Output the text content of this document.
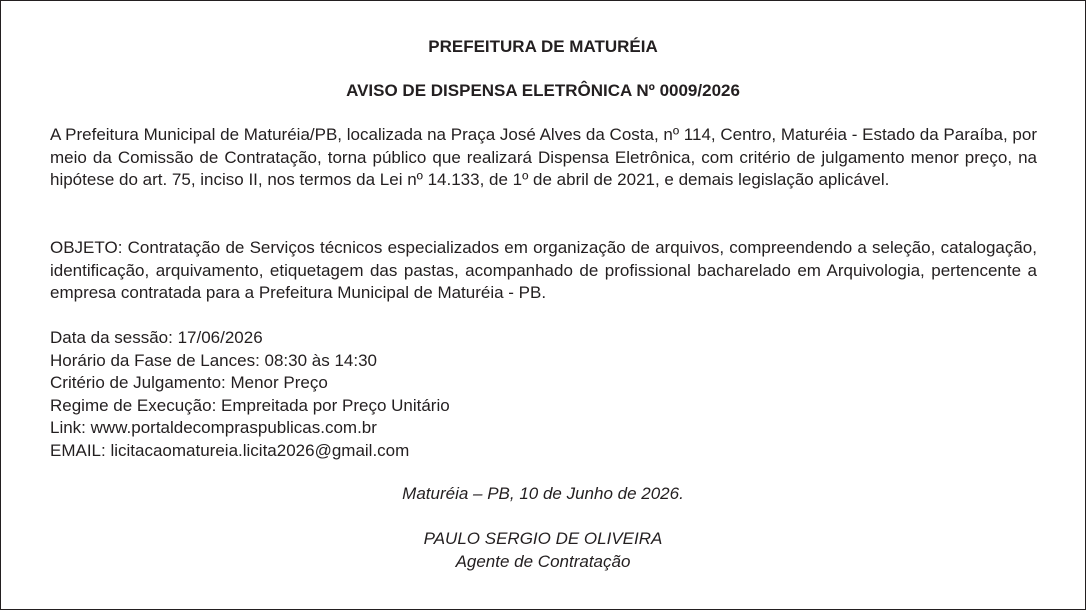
PREFEITURA DE MATURÉIA
AVISO DE DISPENSA ELETRÔNICA Nº 0009/2026

A Prefeitura Municipal de Maturéia/PB, localizada na Praça José Alves da Costa, nº 114, Centro, Maturéia - Estado da Paraíba, por meio da Comissão de Contratação, torna público que realizará Dispensa Eletrônica, com critério de julgamento menor preço, na hipótese do art. 75, inciso II, nos termos da Lei nº 14.133, de 1º de abril de 2021, e demais legislação aplicável.

OBJETO: Contratação de Serviços técnicos especializados em organização de arquivos, compreendendo a seleção, catalogação, identificação, arquivamento, etiquetagem das pastas, acompanhado de profissional bacharelado em Arquivologia, pertencente a empresa contratada para a Prefeitura Municipal de Maturéia - PB.

Data da sessão: 17/06/2026
Horário da Fase de Lances: 08:30 às 14:30
Critério de Julgamento: Menor Preço
Regime de Execução: Empreitada por Preço Unitário
Link: www.portaldecompraspublicas.com.br
EMAIL: licitacaomatureia.licita2026@gmail.com

Maturéia – PB, 10 de Junho de 2026.

PAULO SERGIO DE OLIVEIRA
Agente de Contratação
